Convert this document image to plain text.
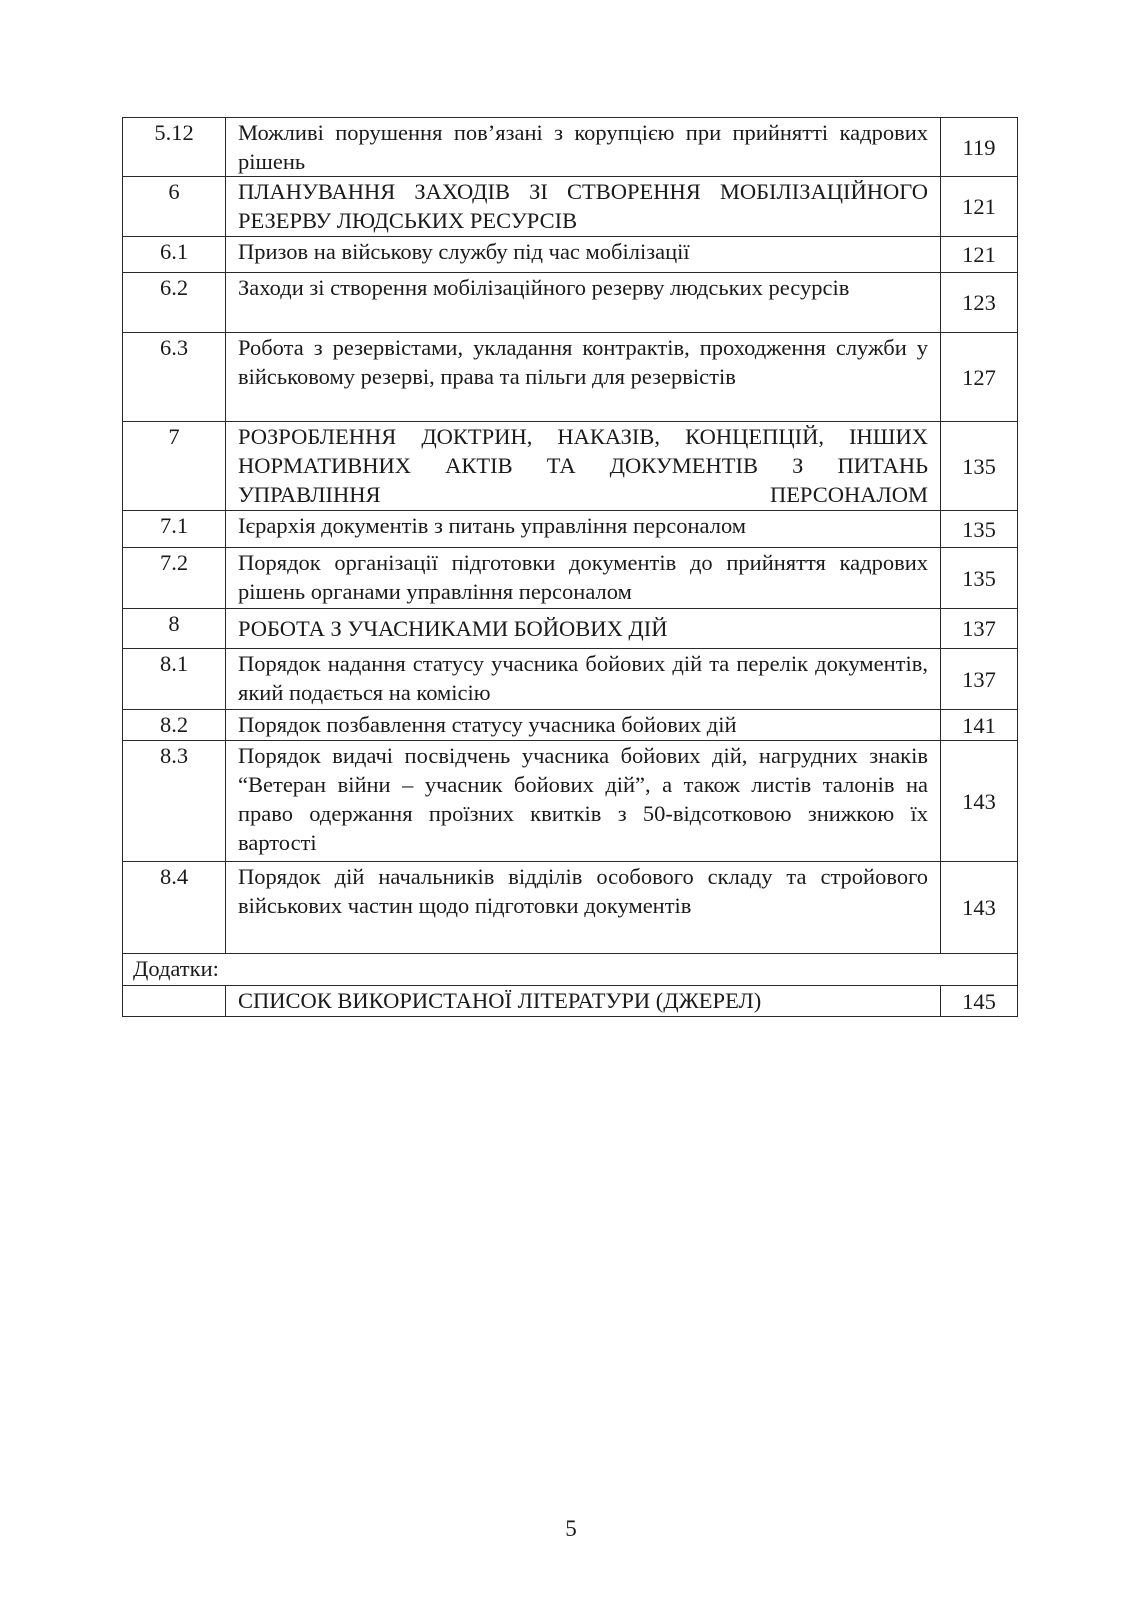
5.12	Можливі порушення пов’язані з корупцією при прийнятті кадрових рішень	119
6	ПЛАНУВАННЯ ЗАХОДІВ ЗІ СТВОРЕННЯ МОБІЛІЗАЦІЙНОГО РЕЗЕРВУ ЛЮДСЬКИХ РЕСУРСІВ	121
6.1	Призов на військову службу під час мобілізації	121
6.2	Заходи зі створення мобілізаційного резерву людських ресурсів	123
6.3	Робота з резервістами, укладання контрактів, проходження служби у військовому резерві, права та пільги для резервістів	127
7	РОЗРОБЛЕННЯ ДОКТРИН, НАКАЗІВ, КОНЦЕПЦІЙ, ІНШИХ НОРМАТИВНИХ АКТІВ ТА ДОКУМЕНТІВ З ПИТАНЬ УПРАВЛІННЯ ПЕРСОНАЛОМ	135
7.1	Ієрархія документів з питань управління персоналом	135
7.2	Порядок організації підготовки документів до прийняття кадрових рішень органами управління персоналом	135
8	РОБОТА З УЧАСНИКАМИ БОЙОВИХ ДІЙ	137
8.1	Порядок надання статусу учасника бойових дій та перелік документів, який подається на комісію	137
8.2	Порядок позбавлення статусу учасника бойових дій	141
8.3	Порядок видачі посвідчень учасника бойових дій, нагрудних знаків “Ветеран війни – учасник бойових дій”, а також листів талонів на право одержання проїзних квитків з 50-відсотковою знижкою їх вартості	143
8.4	Порядок дій начальників відділів особового складу та стройового військових частин щодо підготовки документів	143
Додатки:		
	СПИСОК ВИКОРИСТАНОЇ ЛІТЕРАТУРИ (ДЖЕРЕЛ)	145
5
